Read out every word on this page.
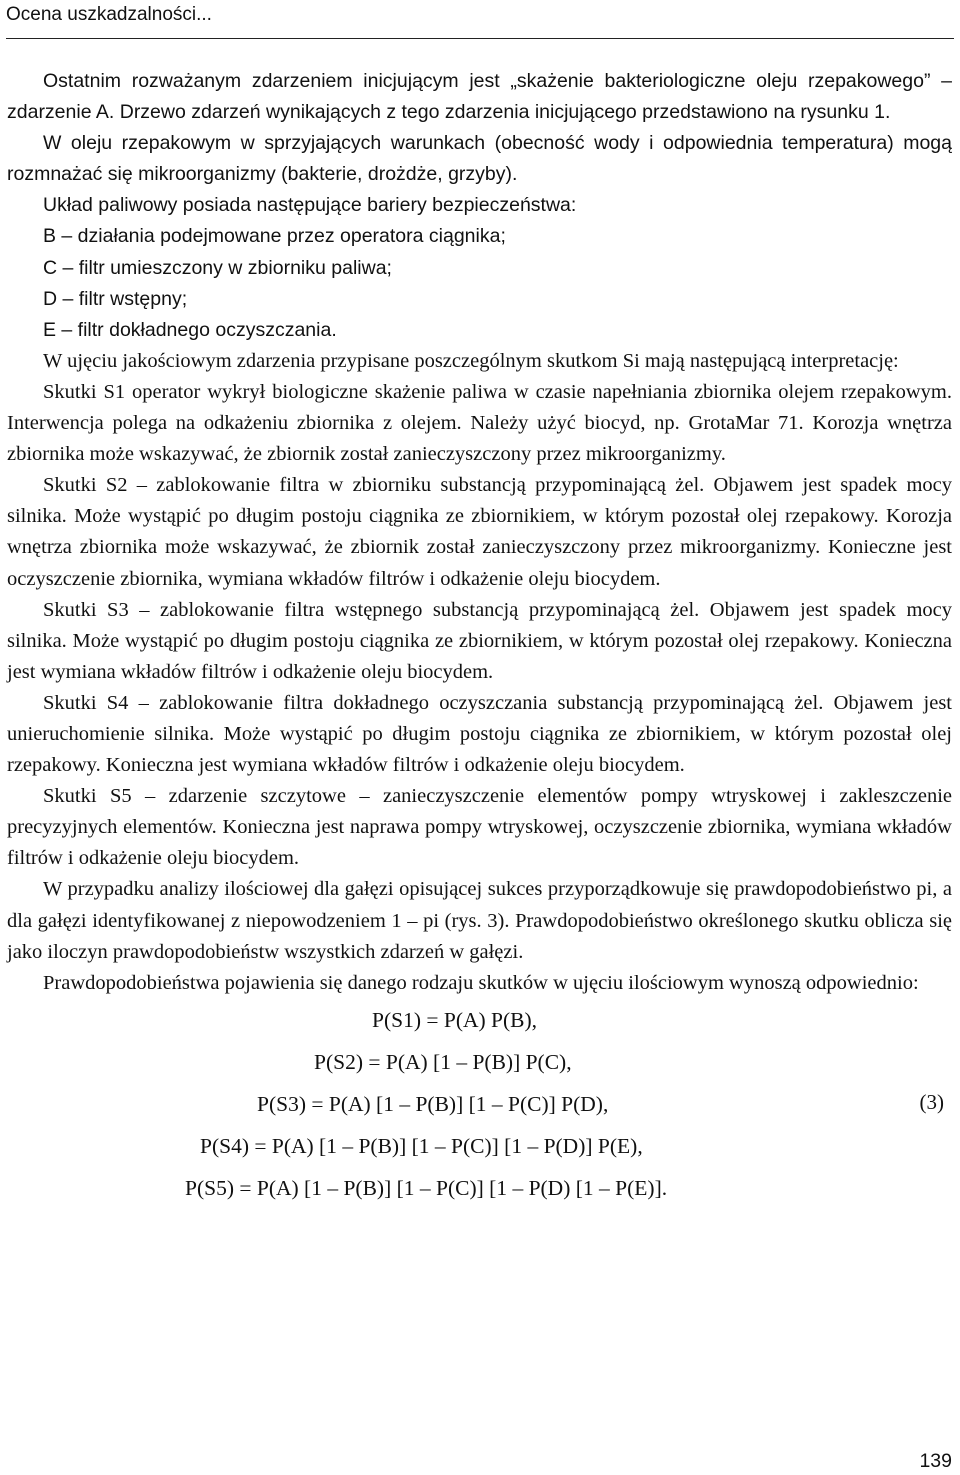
Ocena uszkadzalności...

Ostatnim rozważanym zdarzeniem inicjującym jest „skażenie bakteriologiczne oleju rzepakowego” – zdarzenie A. Drzewo zdarzeń wynikających z tego zdarzenia inicjującego przedstawiono na rysunku 1.

W oleju rzepakowym w sprzyjających warunkach (obecność wody i odpowiednia temperatura) mogą rozmnażać się mikroorganizmy (bakterie, drożdże, grzyby).

Układ paliwowy posiada następujące bariery bezpieczeństwa:

B – działania podejmowane przez operatora ciągnika;

C – filtr umieszczony w zbiorniku paliwa;

D – filtr wstępny;

E – filtr dokładnego oczyszczania.

W ujęciu jakościowym zdarzenia przypisane poszczególnym skutkom Si mają następującą interpretację:

Skutki S1 operator wykrył biologiczne skażenie paliwa w czasie napełniania zbiornika olejem rzepakowym. Interwencja polega na odkażeniu zbiornika z olejem. Należy użyć biocyd, np. GrotaMar 71. Korozja wnętrza zbiornika może wskazywać, że zbiornik został zanieczyszczony przez mikroorganizmy.

Skutki S2 – zablokowanie filtra w zbiorniku substancją przypominającą żel. Objawem jest spadek mocy silnika. Może wystąpić po długim postoju ciągnika ze zbiornikiem, w którym pozostał olej rzepakowy. Korozja wnętrza zbiornika może wskazywać, że zbiornik został zanieczyszczony przez mikroorganizmy. Konieczne jest oczyszczenie zbiornika, wymiana wkładów filtrów i odkażenie oleju biocydem.

Skutki S3 – zablokowanie filtra wstępnego substancją przypominającą żel. Objawem jest spadek mocy silnika. Może wystąpić po długim postoju ciągnika ze zbiornikiem, w którym pozostał olej rzepakowy. Konieczna jest wymiana wkładów filtrów i odkażenie oleju biocydem.

Skutki S4 – zablokowanie filtra dokładnego oczyszczania substancją przypominającą żel. Objawem jest unieruchomienie silnika. Może wystąpić po długim postoju ciągnika ze zbiornikiem, w którym pozostał olej rzepakowy. Konieczna jest wymiana wkładów filtrów i odkażenie oleju biocydem.

Skutki S5 – zdarzenie szczytowe – zanieczyszczenie elementów pompy wtryskowej i zakleszczenie precyzyjnych elementów. Konieczna jest naprawa pompy wtryskowej, oczyszczenie zbiornika, wymiana wkładów filtrów i odkażenie oleju biocydem.

W przypadku analizy ilościowej dla gałęzi opisującej sukces przyporządkowuje się prawdopodobieństwo pi, a dla gałęzi identyfikowanej z niepowodzeniem 1 – pi (rys. 3). Prawdopodobieństwo określonego skutku oblicza się jako iloczyn prawdopodobieństw wszystkich zdarzeń w gałęzi.

Prawdopodobieństwa pojawienia się danego rodzaju skutków w ujęciu ilościowym wynoszą odpowiednio:

P(S1) = P(A) P(B),
P(S2) = P(A) [1 – P(B)] P(C),
P(S3) = P(A) [1 – P(B)] [1 – P(C)] P(D),
P(S4) = P(A) [1 – P(B)] [1 – P(C)] [1 – P(D)] P(E),
P(S5) = P(A) [1 – P(B)] [1 – P(C)] [1 – P(D) [1 – P(E)].
(3)
139
